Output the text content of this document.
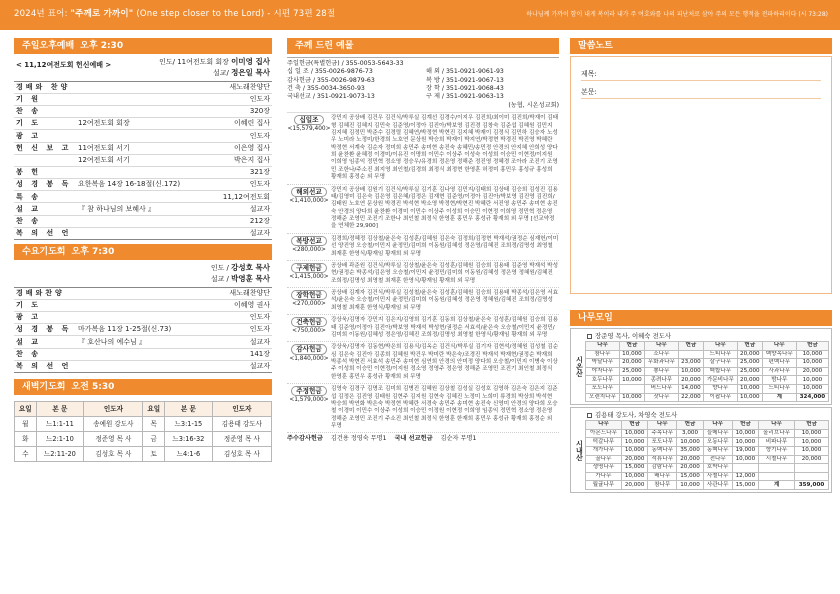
2024년 표어: "주께로 가까이" (One step closer to the Lord) - 시편 73편 28절	하나님께 가까이 함이 내게 복이라 내가 주 여호와를 나의 피난처로 삼아 주의 모든 행적을 전파하리이다 (시 73:28)
주일오후예배 오후 2:30
< 11,12여전도회 헌신예배 >	인도/ 11여전도회 회장 이미영 집사
설교/ 정은일 목사
경배와 찬양	새노래찬양단
기 원	인도자
찬 송	320장
기 도	12여전도회 회장	이혜린 집사
광 고	인도자
헌 신 보 고 11여전도회 서기	이은영 집사
12여전도회 서기	박은지 집사
봉 헌	321장
성 경 봉 독 요한복음 14장 16-18절(신.172)	인도자
특 송	11,12여전도회
설 교	『 참 하나님의 보혜사 』	설교자
찬 송	212장
복 의 선 언	설교자
수요기도회 오후 7:30
인도 / 강성호 목사
설교 / 박영훈 목사
경배와찬양	새노래찬양단
기 도	이혜영 권사
광 고	인도자
성 경 봉 독 마가복음 11장 1-25절(신.73)	인도자
설 교	『 호산나의 예수님 』	설교자
찬 송	141장
복 의 선 언	설교자
새벽기도회 오전 5:30
요일	본 문	인도자	요일	본 문	인도자
월	느1:1-11	송예원 강도사	목	느3:1-15	김용태 강도사
화	느2:1-10	정준영 목 사	금	느3:16-32	정준영 목 사
수	느2:11-20	김성호 목 사	토	느4:1-6	김성호 목 사
주께 드린 예물
주일헌금(특별헌금) / 355-0053-5643-33
십 일 조 / 355-0026-9876-73
감사헌금 / 355-0026-9879-63
건 축 / 355-0034-3650-93
국내선교 / 351-0921-9073-13
해 외 / 351-0921-9061-93
복 방 / 351-0921-9067-13
장 학 / 351-0921-9068-43
구 제 / 351-0921-9063-13
(농협, 시온성교회)
십일조
<15,579,400>
강민지 공상배 김건우 김건식/박루실 김계선 김경수/이지우 김진희/최이미 김진희/박재이 김태형 김혜진 김혜지 김민숙 김준영/이정아 김진아/박보영 김진경 김창숙 김준섭 김혜원 김민지 김지혜 김정민 박준수 김경렬 김혜연/박정현 박현진 김지혜 박재이 김정식 김민하 김승자 노성우 노미라 노정미/한경희 노호연 문상원 박승희 박재이 박지연/박정현 박경진 박진영 박혜란 박정현 서계숙 김순자 정미희 송민주 송미현 송진숙 송혜민/송민정 안경의 안지혜 안희성 양다희 윤찬환 윤혜정 이경미/이유진 이명희 이민수 이상주 이성숙 이성희 이승민 이현정/이지원 이희영 임종익 정민혁 정소영 정승우/유경희 정은영 정해준 정진영 정혜경 조아라 조진기 조영민 조한나/주소진 최지영 최인철/김경희 최정식 최정현 한영훈 허정미 홍민우 홍성규 홍성희 황재희 홍정순 외 무명
해외선교
<1,410,000>
강민지 공상배 김원기 김건식/박루실 김기훈 김나영 김민지/김태희 김상태 김승희 김성진 김용태/김영미 김은숙 김은영 김은혜/김정은 김재현 김준영/이정아 김진아/박보영 김진영 김진희/김태원 노호연 문상원 박경진 박석현 박소영 박정현/박현진 박혜란 서진영 송민주 송미현 송진숙 안경의 양다희 윤찬환 이경미 이민수 이상주 이성희 이승민 이현정 이희영 정민혁 정은영 정해준 조영민 조진기 조한나 최인철 최정식 한영훈 홍민우 홍성규 황재희 외 무명 [선교약정을 연체한 29,900]
복방선교
<280,000>
김경희/정혜정 김상철/윤은숙 김성훈/김혜원 김은숙 김정희/김정현 박재석/권정순 심재헌/이미선 양진영 오승철/이민지 윤정민/김미희 이동원/김혜성 정은영/김혜진 조희정/김명성 최영철 최재훈 한영식/황재임 황재희 외 무명
구제헌금
<1,415,000>
공상배 곽준원 김건식/박루실 김상철/윤은숙 김성훈/김혜원 김승희 김용태 김준영 박재석 박성현/권정순 박종석/김은영 오승철/이민지 윤정민/김미희 이동원/김혜성 정은영 정혜원/김혜진 조희정/김명성 최영철 최재훈 한영식/황재임 황재희 외 무명
장학헌금
<270,000>
공상배 김계자 김건식/박루실 김성철/윤은숙 김성훈/김혜원 김승희 김용태 박종석/김은영 서효석/윤은숙 오승철/이민지 윤정민/김미희 이동원/김혜성 정은영 정혜원/김혜진 조희정/김명성 최영철 최재훈 한영식/황재임 외 무명
건축헌금
<750,000>
강상욱/김명자 강민지 김은지/김영희 김기훈 김동희 김상철/윤은숙 김성훈/김혜원 김승희 김용태 김준영/이정아 김진아/박보영 박재석 박성현/권정순 서효석/윤은숙 오승철/이민지 윤정민/김미희 이동원/김혜성 정은영/김혜진 조희정/김명성 최영철 한영식/황재임 황재희 외 무명
감사헌금
<1,840,000>
강상욱/김명자 김동현/박은희 김용식/김옥순 김건식/박루실 김기자 김현석/정혜원 김성철 김순심 김은숙 김진아 김종희 김혜원 박건우 박미란 박은숙/조경진 박재석 박재현/권정순 박재희 박종석 박현진 서효석 송민주 송미현 심연희 안경의 안미정 양다희 오승철/이민지 이병숙 이상주 이성희 이승민 이현정/이지원 정소영 정영주 정은영 정해준 조영민 조진기 최인철 최정식 한영훈 홍민우 홍성규 황재희 외 무명
주정헌금
<1,579,000>
김영숙 김경구 김명조 김미희 김병진 김혜원 김상철 김성실 김성호 김영하 김은숙 김은지 김준섭 김정은 김진영 김태원 김현주 김지원 김현숙 김혜진 노정미 노희미 류경희 박상희 박석현 박승희 박연화 박은숙 박정현 박혜란 서경숙 송민주 송미현 송진숙 신영미 안경의 양다희 오승철 이경미 이민수 이상주 이성희 이승민 이정원 이현정 이희영 임종익 정민혁 정소영 정은영 정해준 조영민 조진기 주소진 최인철 최정식 한영훈 한재희 홍민우 홍성규 황재희 홍정순 외 무명
주수감사헌금 김건용 정영숙 무명1 국내 선교헌금 김순자 무명1
말씀노트
제목:
본문:
나무모임
시온산
장준영 목사, 이혜숙 전도사
나무	헌금	나무	헌금	나무	헌금	나무	헌금
참나무	10,000	소나무		느티나무	20,000	백향목나무	10,000
박달나무	20,000	무화과나무	23,000	살구나무	25,000	편백나무	10,000
야자나무	25,000	뽕나무	10,000	백합나무	25,000	사과나무	20,000
호두나무	10,000	종려나무	20,000	가문비나무	20,000	밤나무	10,000
포도나무		버드나무	14,000	향나무	10,000	느티나무	10,000
오렌지나무	10,000	잣나무	22,000	이팝나무	10,000	계	324,000
시내산
김용태 강도사, 차영숙 전도사
나무	헌금	나무	헌금	나무	헌금	나무	헌금
아몬드나무	10,000	주목나무	3,000	들메나무	10,000	올리브나무	10,000
떡갈나무	10,000	포도나무	10,000	오동나무	10,000	비파나무	10,000
개가나무	10,000	동백나무	35,000	동백나무	19,000	향기나무	10,000
꿀나무	20,000	석류나무	20,000	전나무	10,000	시철나무	20,000
생명나무	15,000	감람나무	20,000	호박나무			
가나무	10,000	배나무	15,000	사철나무	12,000		
월귤나무	20,000	참나무	10,000	사관나무	15,000	계	359,000
